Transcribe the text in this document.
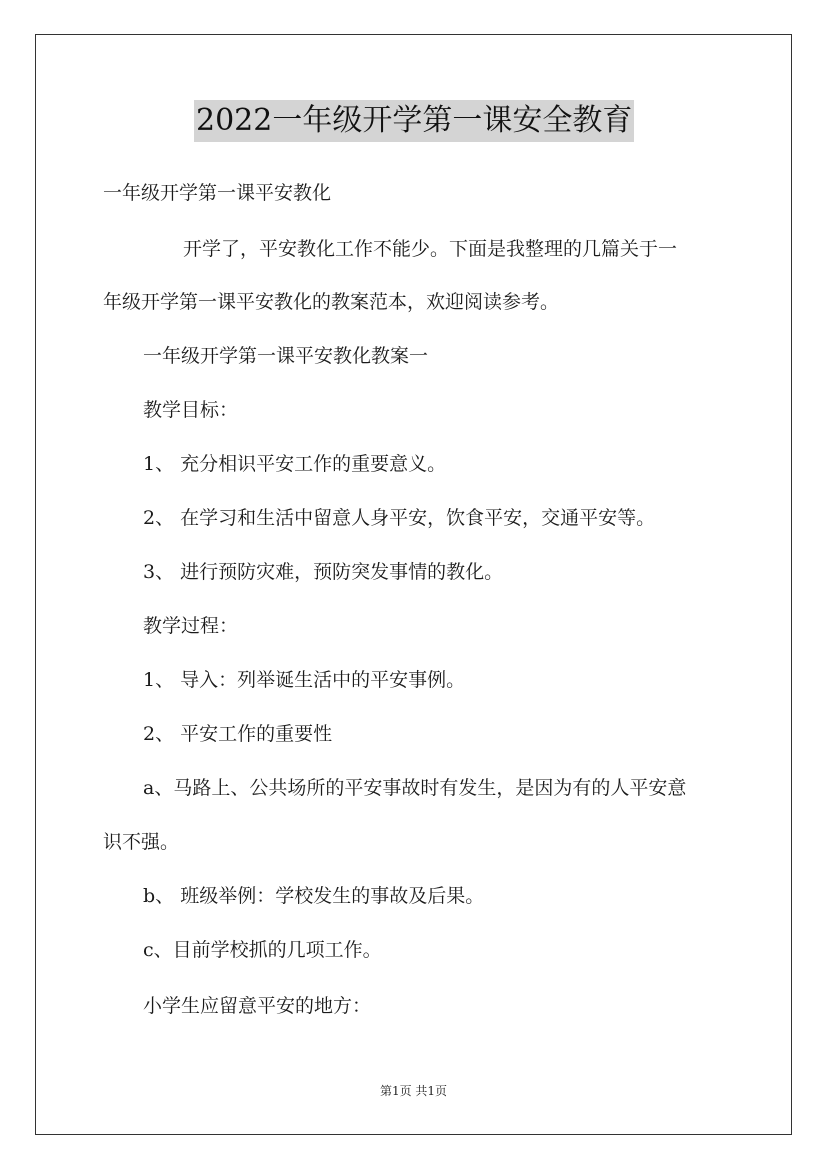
2022一年级开学第一课安全教育
一年级开学第一课平安教化
开学了，平安教化工作不能少。下面是我整理的几篇关于一
年级开学第一课平安教化的教案范本，欢迎阅读参考。
一年级开学第一课平安教化教案一
教学目标：
1、 充分相识平安工作的重要意义。
2、 在学习和生活中留意人身平安，饮食平安，交通平安等。
3、 进行预防灾难，预防突发事情的教化。
教学过程：
1、 导入：列举诞生活中的平安事例。
2、 平安工作的重要性
a、马路上、公共场所的平安事故时有发生，是因为有的人平安意
识不强。
b、 班级举例：学校发生的事故及后果。
c、目前学校抓的几项工作。
小学生应留意平安的地方：
第1页 共1页
